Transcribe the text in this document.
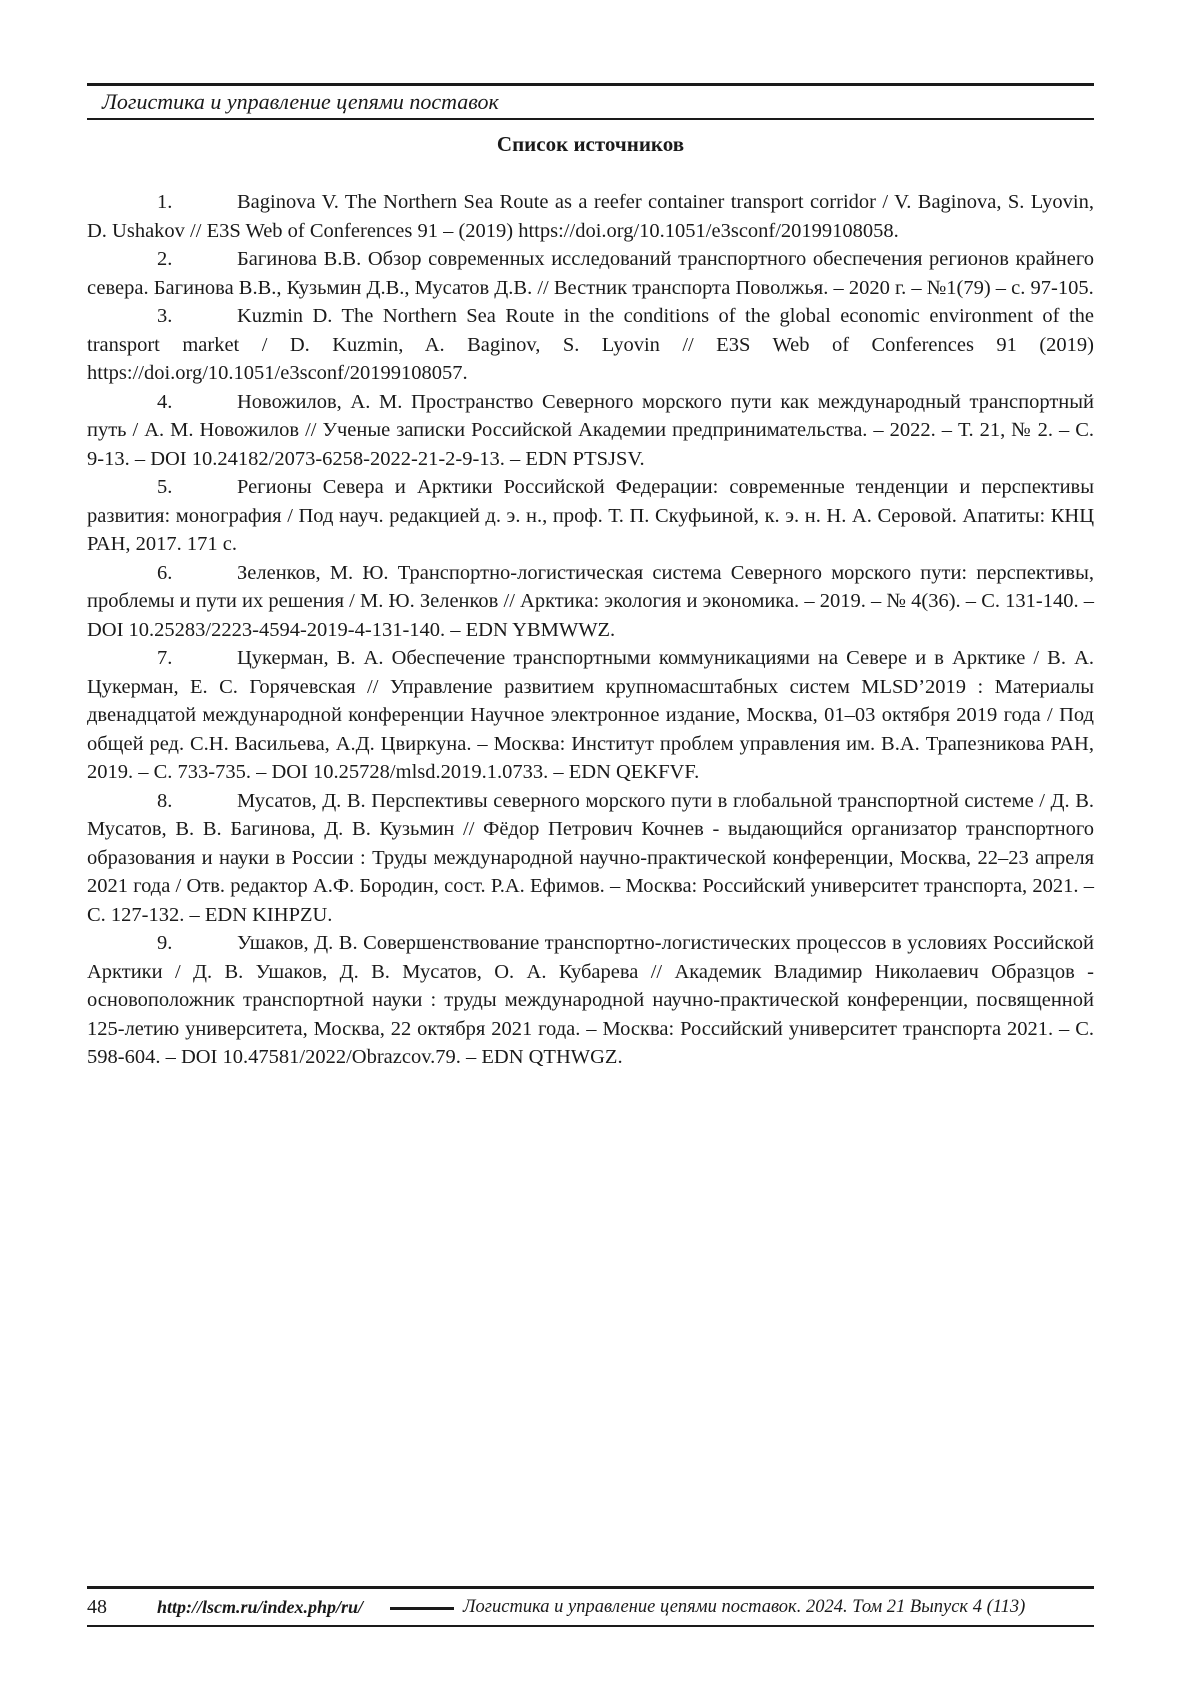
Логистика и управление цепями поставок
Список источников
1.	Baginova V. The Northern Sea Route as a reefer container transport corridor / V. Baginova, S. Lyovin, D. Ushakov // E3S Web of Conferences 91 – (2019) https://doi.org/10.1051/e3sconf/20199108058.
2.	Багинова В.В. Обзор современных исследований транспортного обеспечения регионов крайнего севера. Багинова В.В., Кузьмин Д.В., Мусатов Д.В. // Вестник транспорта Поволжья. – 2020 г. – №1(79) – с. 97-105.
3.	Kuzmin D. The Northern Sea Route in the conditions of the global economic environment of the transport market / D. Kuzmin, A. Baginov, S. Lyovin // E3S Web of Conferences 91 (2019) https://doi.org/10.1051/e3sconf/20199108057.
4.	Новожилов, А. М. Пространство Северного морского пути как международный транспортный путь / А. М. Новожилов // Ученые записки Российской Академии предпринимательства. – 2022. – Т. 21, № 2. – С. 9-13. – DOI 10.24182/2073-6258-2022-21-2-9-13. – EDN PTSJSV.
5.	Регионы Севера и Арктики Российской Федерации: современные тенденции и перспективы развития: монография / Под науч. редакцией д. э. н., проф. Т. П. Скуфьиной, к. э. н. Н. А. Серовой. Апатиты: КНЦ РАН, 2017. 171 с.
6.	Зеленков, М. Ю. Транспортно-логистическая система Северного морского пути: перспективы, проблемы и пути их решения / М. Ю. Зеленков // Арктика: экология и экономика. – 2019. – № 4(36). – С. 131-140. – DOI 10.25283/2223-4594-2019-4-131-140. – EDN YBMWWZ.
7.	Цукерман, В. А. Обеспечение транспортными коммуникациями на Севере и в Арктике / В. А. Цукерман, Е. С. Горячевская // Управление развитием крупномасштабных систем MLSD’2019 : Материалы двенадцатой международной конференции Научное электронное издание, Москва, 01–03 октября 2019 года / Под общей ред. С.Н. Васильева, А.Д. Цвиркуна. – Москва: Институт проблем управления им. В.А. Трапезникова РАН, 2019. – С. 733-735. – DOI 10.25728/mlsd.2019.1.0733. – EDN QEKFVF.
8.	Мусатов, Д. В. Перспективы северного морского пути в глобальной транспортной системе / Д. В. Мусатов, В. В. Багинова, Д. В. Кузьмин // Фёдор Петрович Кочнев - выдающийся организатор транспортного образования и науки в России : Труды международной научно-практической конференции, Москва, 22–23 апреля 2021 года / Отв. редактор А.Ф. Бородин, сост. Р.А. Ефимов. – Москва: Российский университет транспорта, 2021. – С. 127-132. – EDN KIHPZU.
9.	Ушаков, Д. В. Совершенствование транспортно-логистических процессов в условиях Российской Арктики / Д. В. Ушаков, Д. В. Мусатов, О. А. Кубарева // Академик Владимир Николаевич Образцов - основоположник транспортной науки : труды международной научно-практической конференции, посвященной 125-летию университета, Москва, 22 октября 2021 года. – Москва: Российский университет транспорта 2021. – С. 598-604. – DOI 10.47581/2022/Obrazcov.79. – EDN QTHWGZ.
48	http://lscm.ru/index.php/ru/	Логистика и управление цепями поставок. 2024. Том 21 Выпуск 4 (113)
